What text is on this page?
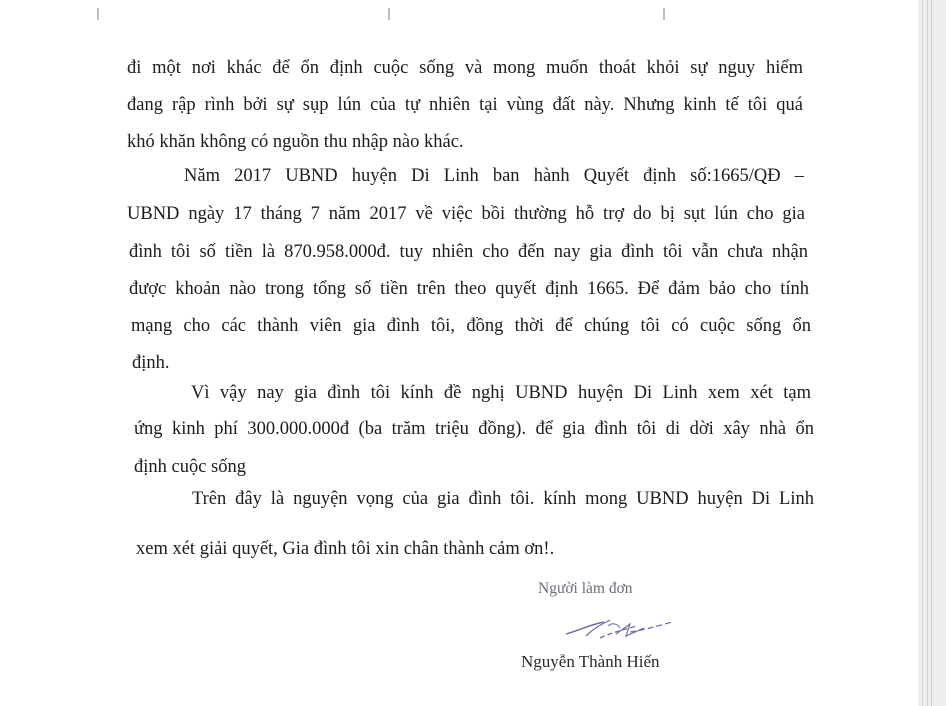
đi một nơi khác để ổn định cuộc sống và mong muốn thoát khỏi sự nguy hiểm
đang rập rình bởi sự sụp lún của tự nhiên tại vùng đất này. Nhưng kinh tế tôi quá
khó khăn không có nguồn thu nhập nào khác.
Năm 2017 UBND huyện Di Linh ban hành Quyết định số:1665/QĐ –
UBND ngày 17 tháng 7 năm 2017 về việc bồi thường hỗ trợ do bị sụt lún cho gia
đình tôi số tiền là 870.958.000đ. tuy nhiên cho đến nay gia đình tôi vẫn chưa nhận
được khoản nào trong tổng số tiền trên theo quyết định 1665. Để đảm bảo cho tính
mạng cho các thành viên gia đình tôi, đồng thời để chúng tôi có cuộc sống ổn
định.
Vì vậy nay gia đình tôi kính đề nghị UBND huyện Di Linh xem xét tạm
ứng kinh phí 300.000.000đ (ba trăm triệu đồng). để gia đình tôi di dời xây nhà ổn
định cuộc sống
Trên đây là nguyện vọng của gia đình tôi. kính mong UBND huyện Di Linh
xem xét giải quyết, Gia đình tôi xin chân thành cảm ơn!.
Người làm đơn
Nguyễn Thành Hiến
